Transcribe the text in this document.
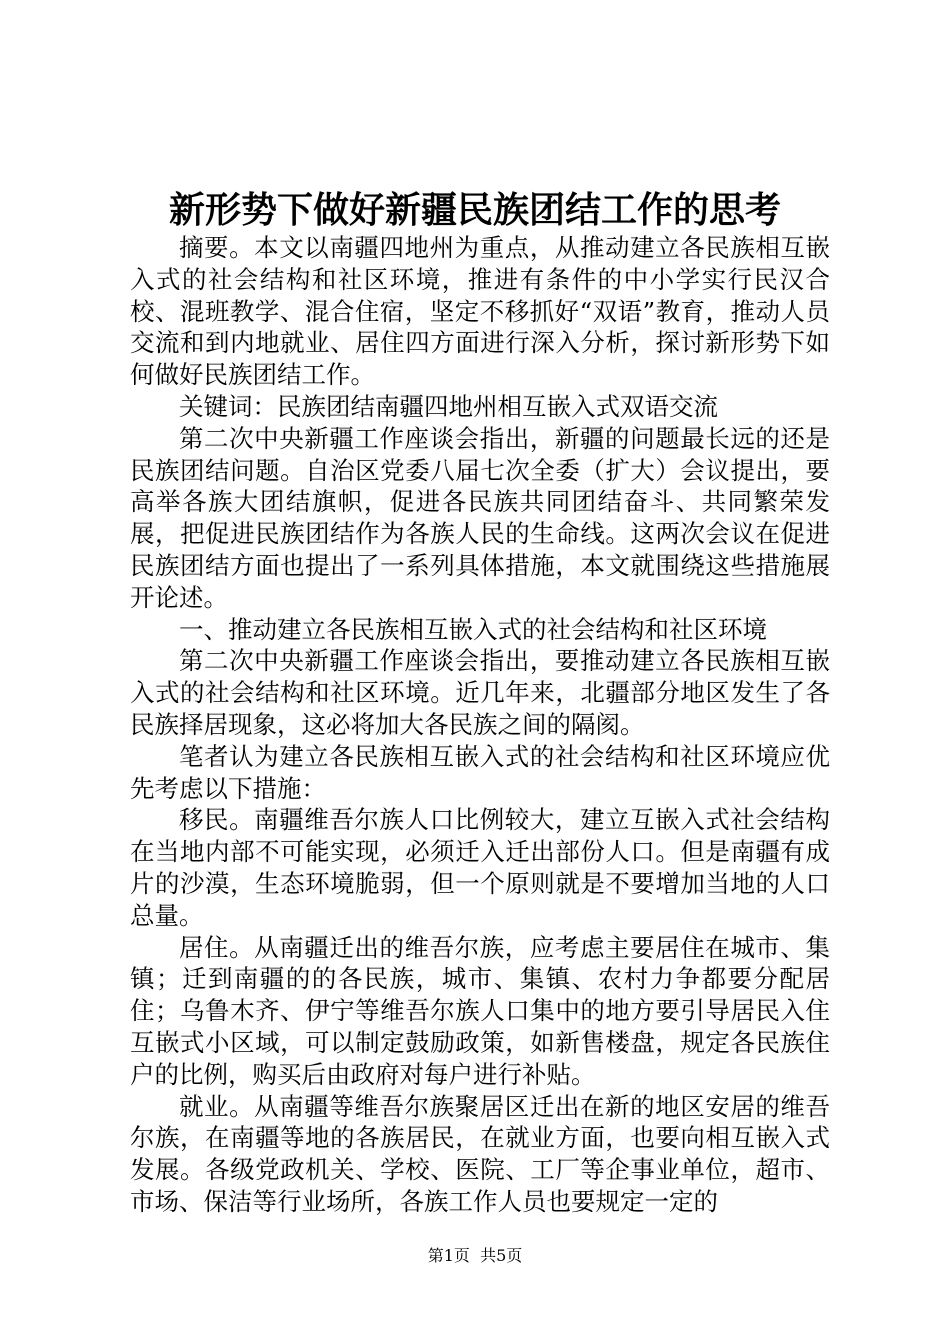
新形势下做好新疆民族团结工作的思考

摘要。本文以南疆四地州为重点，从推动建立各民族相互嵌入式的社会结构和社区环境，推进有条件的中小学实行民汉合校、混班教学、混合住宿，坚定不移抓好“双语”教育，推动人员交流和到内地就业、居住四方面进行深入分析，探讨新形势下如何做好民族团结工作。

关键词：民族团结南疆四地州相互嵌入式双语交流

第二次中央新疆工作座谈会指出，新疆的问题最长远的还是民族团结问题。自治区党委八届七次全委（扩大）会议提出，要高举各族大团结旗帜，促进各民族共同团结奋斗、共同繁荣发展，把促进民族团结作为各族人民的生命线。这两次会议在促进民族团结方面也提出了一系列具体措施，本文就围绕这些措施展开论述。

一、推动建立各民族相互嵌入式的社会结构和社区环境

第二次中央新疆工作座谈会指出，要推动建立各民族相互嵌入式的社会结构和社区环境。近几年来，北疆部分地区发生了各民族择居现象，这必将加大各民族之间的隔阂。

笔者认为建立各民族相互嵌入式的社会结构和社区环境应优先考虑以下措施：

移民。南疆维吾尔族人口比例较大，建立互嵌入式社会结构在当地内部不可能实现，必须迁入迁出部份人口。但是南疆有成片的沙漠，生态环境脆弱，但一个原则就是不要增加当地的人口总量。

居住。从南疆迁出的维吾尔族，应考虑主要居住在城市、集镇；迁到南疆的的各民族，城市、集镇、农村力争都要分配居住；乌鲁木齐、伊宁等维吾尔族人口集中的地方要引导居民入住互嵌式小区域，可以制定鼓励政策，如新售楼盘，规定各民族住户的比例，购买后由政府对每户进行补贴。

就业。从南疆等维吾尔族聚居区迁出在新的地区安居的维吾尔族，在南疆等地的各族居民，在就业方面，也要向相互嵌入式发展。各级党政机关、学校、医院、工厂等企事业单位，超市、市场、保洁等行业场所，各族工作人员也要规定一定的

第1页 共5页
